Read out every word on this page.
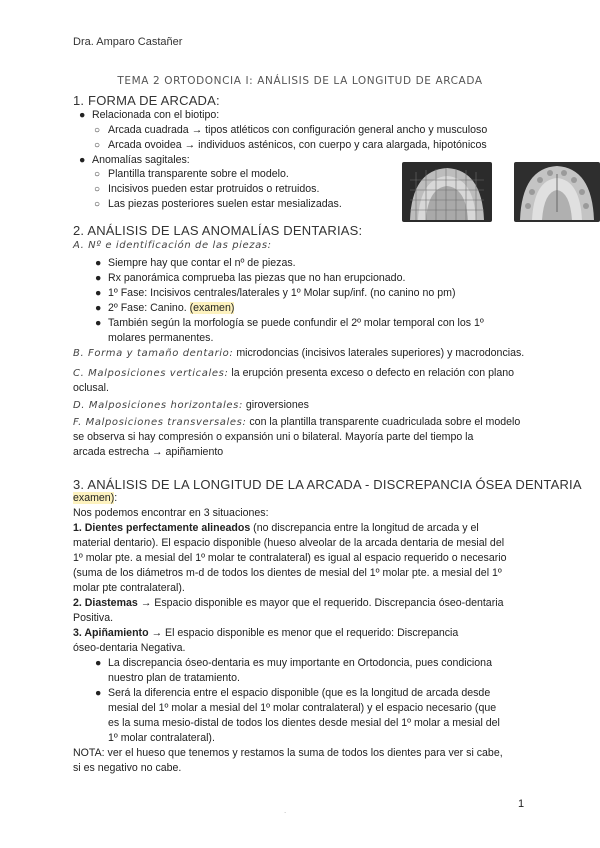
Dra. Amparo Castañer
TEMA 2 ORTODONCIA I: ANÁLISIS DE LA LONGITUD DE ARCADA
1. FORMA DE ARCADA:
● Relacionada con el biotipo:
○ Arcada cuadrada → tipos atléticos con configuración general ancho y musculoso
○ Arcada ovoidea → individuos asténicos, con cuerpo y cara alargada, hipotónicos
● Anomalías sagitales:
○ Plantilla transparente sobre el modelo.
○ Incisivos pueden estar protruidos o retruidos.
○ Las piezas posteriores suelen estar mesializadas.
2. ANÁLISIS DE LAS ANOMALÍAS DENTARIAS:
A. Nº e identificación de las piezas:
● Siempre hay que contar el nº de piezas.
● Rx panorámica comprueba las piezas que no han erupcionado.
● 1º Fase: Incisivos centrales/laterales y 1º Molar sup/inf. (no canino no pm)
● 2º Fase: Canino. (examen)
● También según la morfología se puede confundir el 2º molar temporal con los 1º
molares permanentes.
B. Forma y tamaño dentario: microdoncias (incisivos laterales superiores) y macrodoncias.
C. Malposiciones verticales: la erupción presenta exceso o defecto en relación con plano
oclusal.
D. Malposiciones horizontales: giroversiones
F. Malposiciones transversales: con la plantilla transparente cuadriculada sobre el modelo
se observa si hay compresión o expansión uni o bilateral. Mayoría parte del tiempo la
arcada estrecha → apiñamiento
3. ANÁLISIS DE LA LONGITUD DE LA ARCADA - DISCREPANCIA ÓSEA DENTARIA
examen):
Nos podemos encontrar en 3 situaciones:
1. Dientes perfectamente alineados (no discrepancia entre la longitud de arcada y el
material dentario). El espacio disponible (hueso alveolar de la arcada dentaria de mesial del
1º molar pte. a mesial del 1º molar te contralateral) es igual al espacio requerido o necesario
(suma de los diámetros m-d de todos los dientes de mesial del 1º molar pte. a mesial del 1º
molar pte contralateral).
2. Diastemas → Espacio disponible es mayor que el requerido. Discrepancia óseo-dentaria
Positiva.
3. Apiñamiento → El espacio disponible es menor que el requerido: Discrepancia
óseo-dentaria Negativa.
● La discrepancia óseo-dentaria es muy importante en Ortodoncia, pues condiciona
nuestro plan de tratamiento.
● Será la diferencia entre el espacio disponible (que es la longitud de arcada desde
mesial del 1º molar a mesial del 1º molar contralateral) y el espacio necesario (que
es la suma mesio-distal de todos los dientes desde mesial del 1º molar a mesial del
1º molar contralateral).
NOTA: ver el hueso que tenemos y restamos la suma de todos los dientes para ver si cabe,
si es negativo no cabe.
.
1
